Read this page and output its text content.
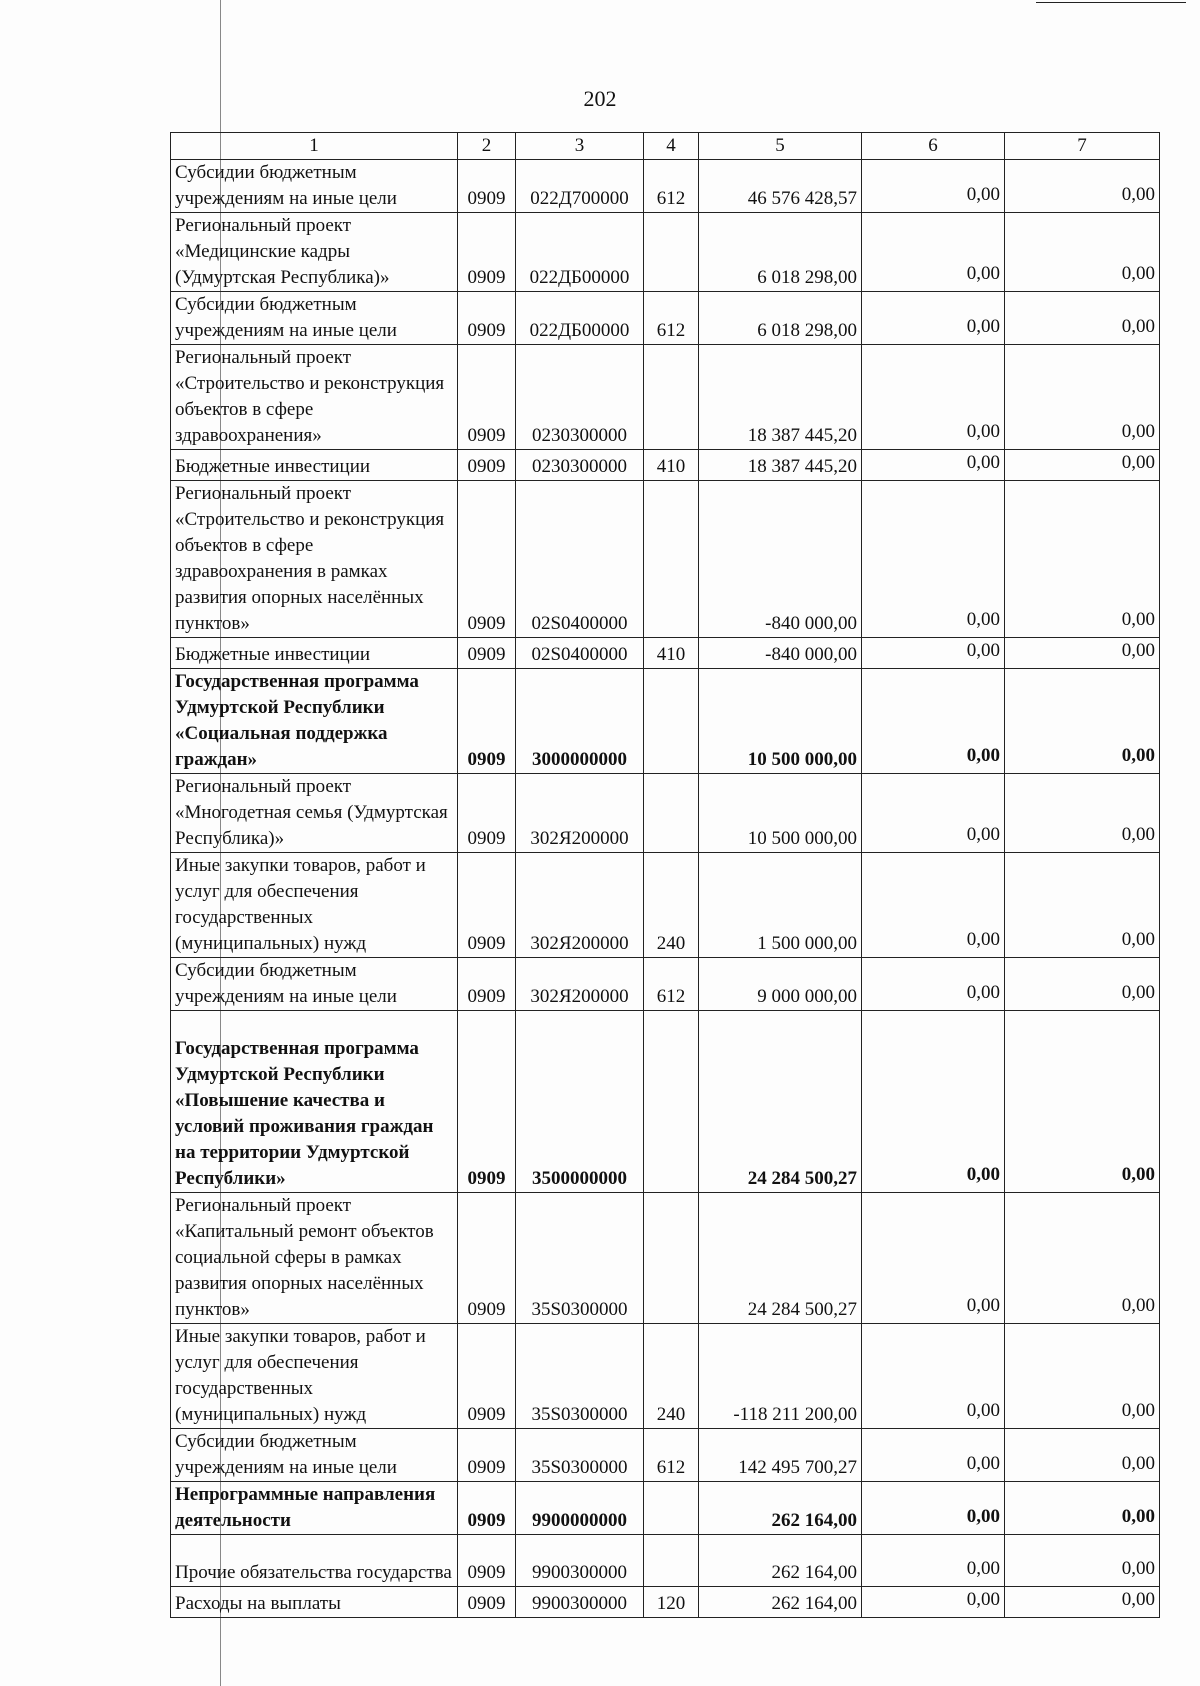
202
1	2	3	4	5	6	7
Субсидии бюджетным учреждениям на иные цели	0909	022Д700000	612	46 576 428,57	0,00	0,00
Региональный проект «Медицинские кадры (Удмуртская Республика)»	0909	022ДБ00000		6 018 298,00	0,00	0,00
Субсидии бюджетным учреждениям на иные цели	0909	022ДБ00000	612	6 018 298,00	0,00	0,00
Региональный проект «Строительство и реконструкция объектов в сфере здравоохранения»	0909	0230300000		18 387 445,20	0,00	0,00
Бюджетные инвестиции	0909	0230300000	410	18 387 445,20	0,00	0,00
Региональный проект «Строительство и реконструкция объектов в сфере здравоохранения в рамках развития опорных населённых пунктов»	0909	02S0400000		-840 000,00	0,00	0,00
Бюджетные инвестиции	0909	02S0400000	410	-840 000,00	0,00	0,00
Государственная программа Удмуртской Республики «Социальная поддержка граждан»	0909	3000000000		10 500 000,00	0,00	0,00
Региональный проект «Многодетная семья (Удмуртская Республика)»	0909	302Я200000		10 500 000,00	0,00	0,00
Иные закупки товаров, работ и услуг для обеспечения государственных (муниципальных) нужд	0909	302Я200000	240	1 500 000,00	0,00	0,00
Субсидии бюджетным учреждениям на иные цели	0909	302Я200000	612	9 000 000,00	0,00	0,00
Государственная программа Удмуртской Республики «Повышение качества и условий проживания граждан на территории Удмуртской Республики»	0909	3500000000		24 284 500,27	0,00	0,00
Региональный проект «Капитальный ремонт объектов социальной сферы в рамках развития опорных населённых пунктов»	0909	35S0300000		24 284 500,27	0,00	0,00
Иные закупки товаров, работ и услуг для обеспечения государственных (муниципальных) нужд	0909	35S0300000	240	-118 211 200,00	0,00	0,00
Субсидии бюджетным учреждениям на иные цели	0909	35S0300000	612	142 495 700,27	0,00	0,00
Непрограммные направления деятельности	0909	9900000000		262 164,00	0,00	0,00
Прочие обязательства государства	0909	9900300000		262 164,00	0,00	0,00
Расходы на выплаты	0909	9900300000	120	262 164,00	0,00	0,00
